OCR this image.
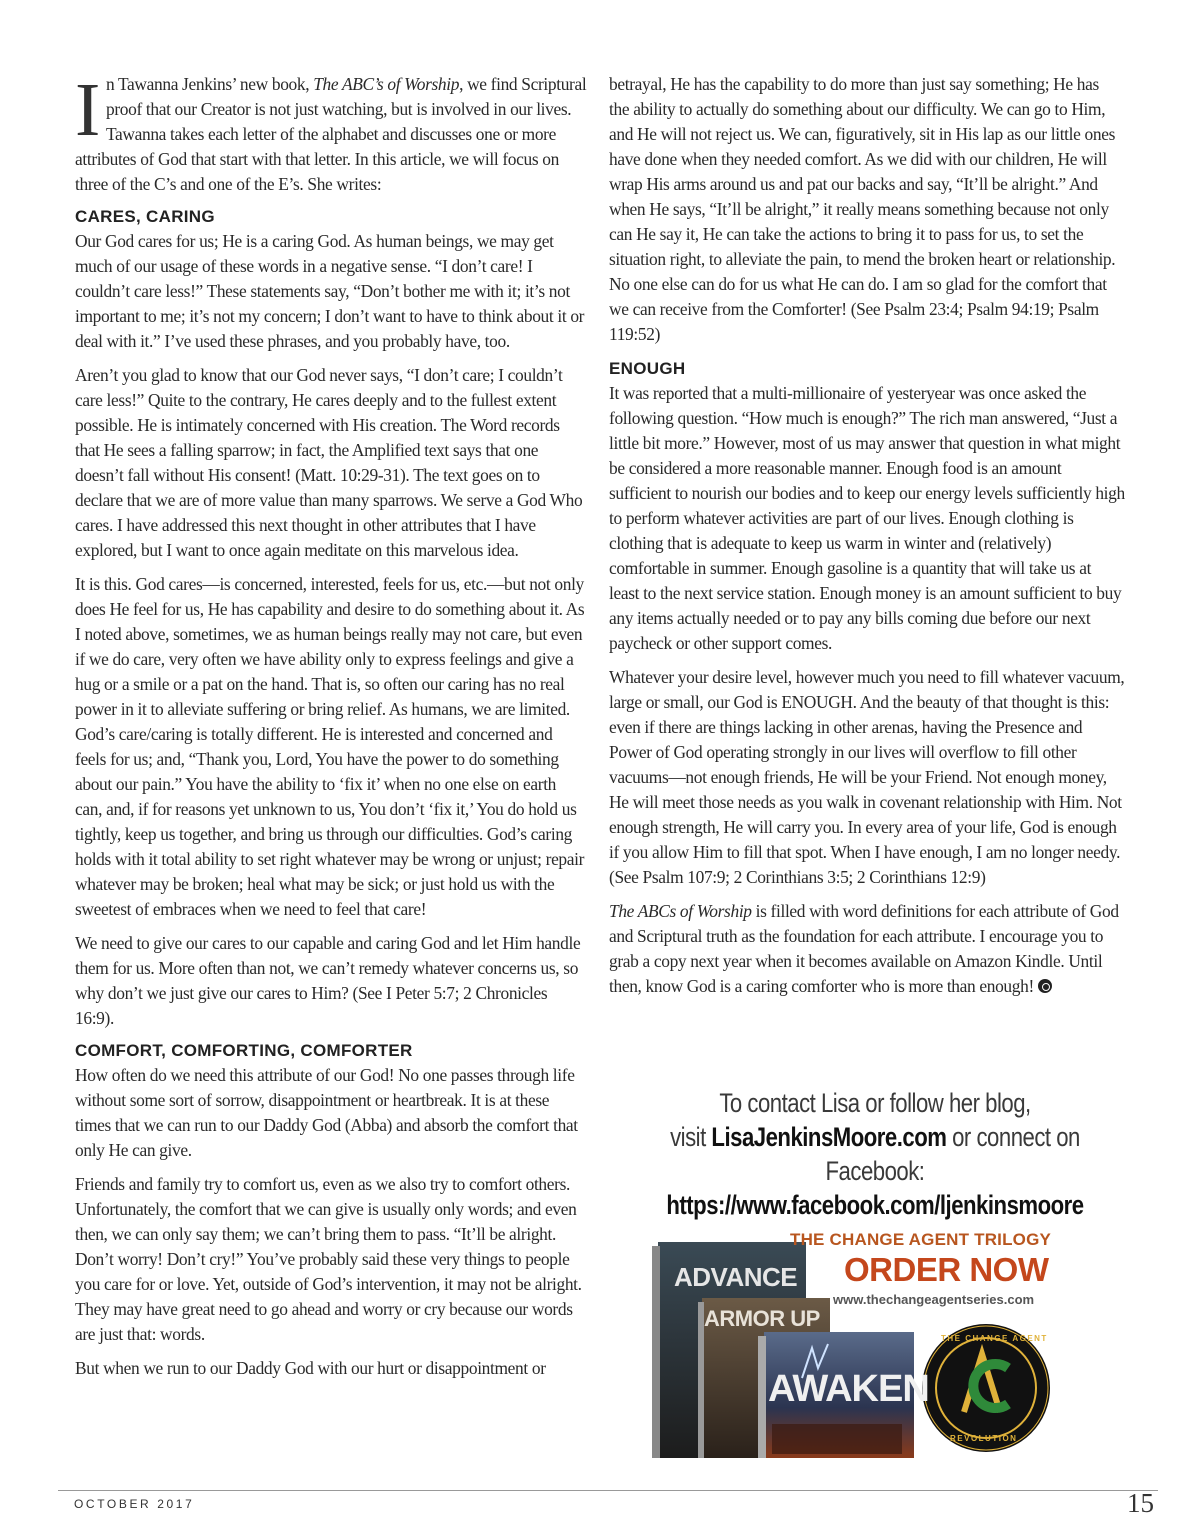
In Tawanna Jenkins’ new book, The ABC’s of Worship, we find Scriptural proof that our Creator is not just watching, but is involved in our lives. Tawanna takes each letter of the alphabet and discusses one or more attributes of God that start with that letter. In this article, we will focus on three of the C’s and one of the E’s. She writes:

CARES, CARING

Our God cares for us; He is a caring God. As human beings, we may get much of our usage of these words in a negative sense. “I don’t care! I couldn’t care less!” These statements say, “Don’t bother me with it; it’s not important to me; it’s not my concern; I don’t want to have to think about it or deal with it.” I’ve used these phrases, and you probably have, too.

Aren’t you glad to know that our God never says, “I don’t care; I couldn’t care less!” Quite to the contrary, He cares deeply and to the fullest extent possible. He is intimately concerned with His creation. The Word records that He sees a falling sparrow; in fact, the Amplified text says that one doesn’t fall without His consent! (Matt. 10:29-31). The text goes on to declare that we are of more value than many sparrows. We serve a God Who cares. I have addressed this next thought in other attributes that I have explored, but I want to once again meditate on this marvelous idea.

It is this. God cares—is concerned, interested, feels for us, etc.—but not only does He feel for us, He has capability and desire to do something about it. As I noted above, sometimes, we as human beings really may not care, but even if we do care, very often we have ability only to express feelings and give a hug or a smile or a pat on the hand. That is, so often our caring has no real power in it to alleviate suffering or bring relief. As humans, we are limited. God’s care/caring is totally different. He is interested and concerned and feels for us; and, “Thank you, Lord, You have the power to do something about our pain.” You have the ability to ‘fix it’ when no one else on earth can, and, if for reasons yet unknown to us, You don’t ‘fix it,’ You do hold us tightly, keep us together, and bring us through our difficulties. God’s caring holds with it total ability to set right whatever may be wrong or unjust; repair whatever may be broken; heal what may be sick; or just hold us with the sweetest of embraces when we need to feel that care!

We need to give our cares to our capable and caring God and let Him handle them for us. More often than not, we can’t remedy whatever concerns us, so why don’t we just give our cares to Him? (See I Peter 5:7; 2 Chronicles 16:9).

COMFORT, COMFORTING, COMFORTER

How often do we need this attribute of our God! No one passes through life without some sort of sorrow, disappointment or heartbreak. It is at these times that we can run to our Daddy God (Abba) and absorb the comfort that only He can give.

Friends and family try to comfort us, even as we also try to comfort others. Unfortunately, the comfort that we can give is usually only words; and even then, we can only say them; we can’t bring them to pass. “It’ll be alright. Don’t worry! Don’t cry!” You’ve probably said these very things to people you care for or love. Yet, outside of God’s intervention, it may not be alright. They may have great need to go ahead and worry or cry because our words are just that: words.

But when we run to our Daddy God with our hurt or disappointment or

betrayal, He has the capability to do more than just say something; He has the ability to actually do something about our difficulty. We can go to Him, and He will not reject us. We can, figuratively, sit in His lap as our little ones have done when they needed comfort. As we did with our children, He will wrap His arms around us and pat our backs and say, “It’ll be alright.” And when He says, “It’ll be alright,” it really means something because not only can He say it, He can take the actions to bring it to pass for us, to set the situation right, to alleviate the pain, to mend the broken heart or relationship. No one else can do for us what He can do. I am so glad for the comfort that we can receive from the Comforter! (See Psalm 23:4; Psalm 94:19; Psalm 119:52)

ENOUGH

It was reported that a multi-millionaire of yesteryear was once asked the following question. “How much is enough?” The rich man answered, “Just a little bit more.” However, most of us may answer that question in what might be considered a more reasonable manner. Enough food is an amount sufficient to nourish our bodies and to keep our energy levels sufficiently high to perform whatever activities are part of our lives. Enough clothing is clothing that is adequate to keep us warm in winter and (relatively) comfortable in summer. Enough gasoline is a quantity that will take us at least to the next service station. Enough money is an amount sufficient to buy any items actually needed or to pay any bills coming due before our next paycheck or other support comes.

Whatever your desire level, however much you need to fill whatever vacuum, large or small, our God is ENOUGH. And the beauty of that thought is this: even if there are things lacking in other arenas, having the Presence and Power of God operating strongly in our lives will overflow to fill other vacuums—not enough friends, He will be your Friend. Not enough money, He will meet those needs as you walk in covenant relationship with Him. Not enough strength, He will carry you. In every area of your life, God is enough if you allow Him to fill that spot. When I have enough, I am no longer needy. (See Psalm 107:9; 2 Corinthians 3:5; 2 Corinthians 12:9)

The ABCs of Worship is filled with word definitions for each attribute of God and Scriptural truth as the foundation for each attribute. I encourage you to grab a copy next year when it becomes available on Amazon Kindle. Until then, know God is a caring comforter who is more than enough!

To contact Lisa or follow her blog,
visit LisaJenkinsMoore.com or connect on
Facebook: https://www.facebook.com/ljenkinsmoore
THE CHANGE AGENT TRILOGY
ORDER NOW
www.thechangeagentseries.com
ADVANCE
ARMOR UP
AWAKEN
THE CHANGE AGENT
REVOLUTION
OCTOBER 2017	15
